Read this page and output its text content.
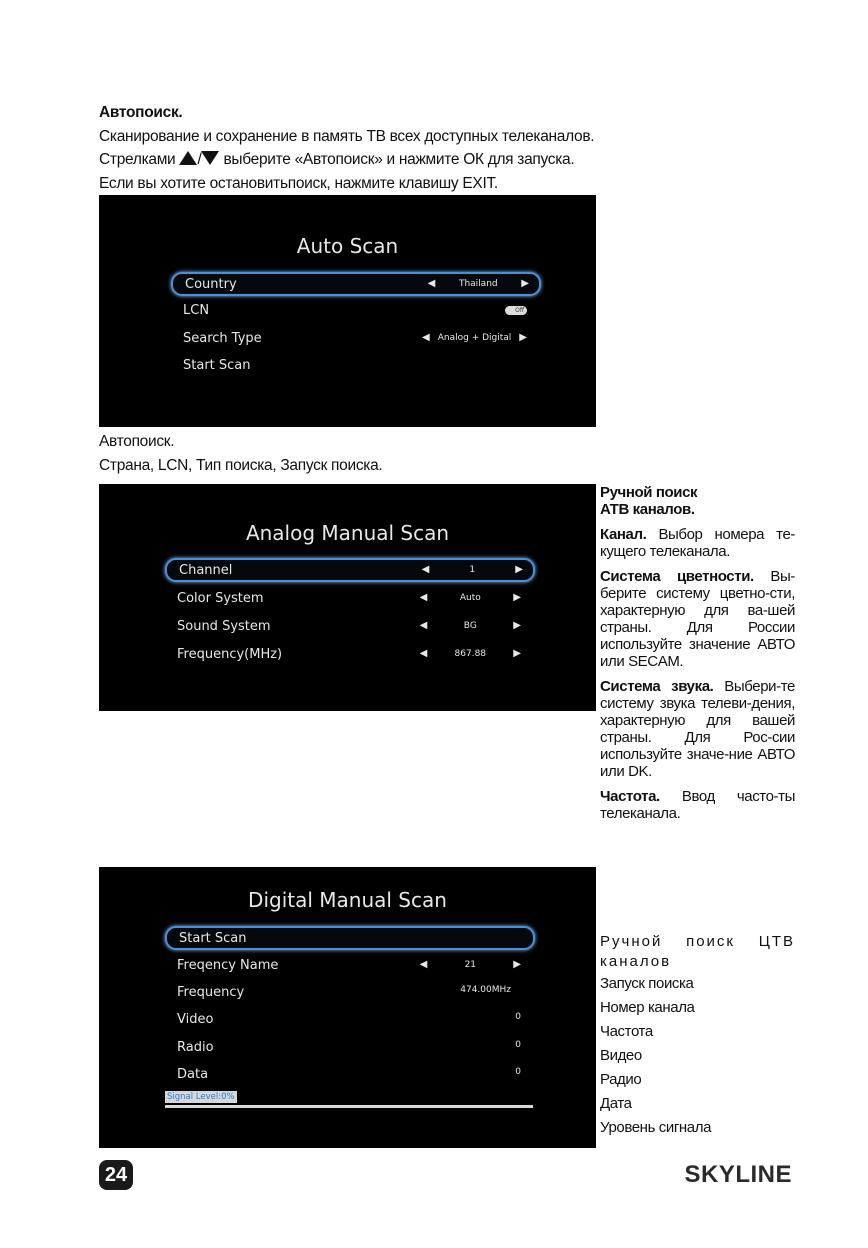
Автопоиск.

Сканирование и сохранение в память ТВ всех доступных телеканалов.

Стрелками / выберите «Автопоиск» и нажмите ОК для запуска.

Если вы хотите остановитьпоиск, нажмите клавишу EXIT.

Auto Scan
Country	◀	Thailand	▶
LCN	Off
Search Type	◀ Analog + Digital ▶
Start Scan

Автопоиск.

Страна, LCN, Тип поиска, Запуск поиска.

Analog Manual Scan
Channel	◀	1	▶
Color System	◀	Auto	▶
Sound System	◀	BG	▶
Frequency(MHz)	◀	867.88	▶
Digital Manual Scan
Start Scan
Freqency Name	◀	21	▶
Frequency	474.00MHz
Video	0
Radio	0
Data	0
Signal Level:0%

Ручной поиск

АТВ каналов.

Канал. Выбор номера те-кущего телеканала.

Система цветности. Вы-берите систему цветно-сти, характерную для ва-шей страны. Для России используйте значение АВТО или SECAM.

Система звука. Выбери-те систему звука телеви-дения, характерную для вашей страны. Для Рос-сии используйте значе-ние АВТО или DK.

Частота. Ввод часто-ты телеканала.

Ручной поиск ЦТВ каналов

Запуск поиска

Номер канала

Частота

Видео

Радио

Дата

Уровень сигнала

24	SKYLINE
